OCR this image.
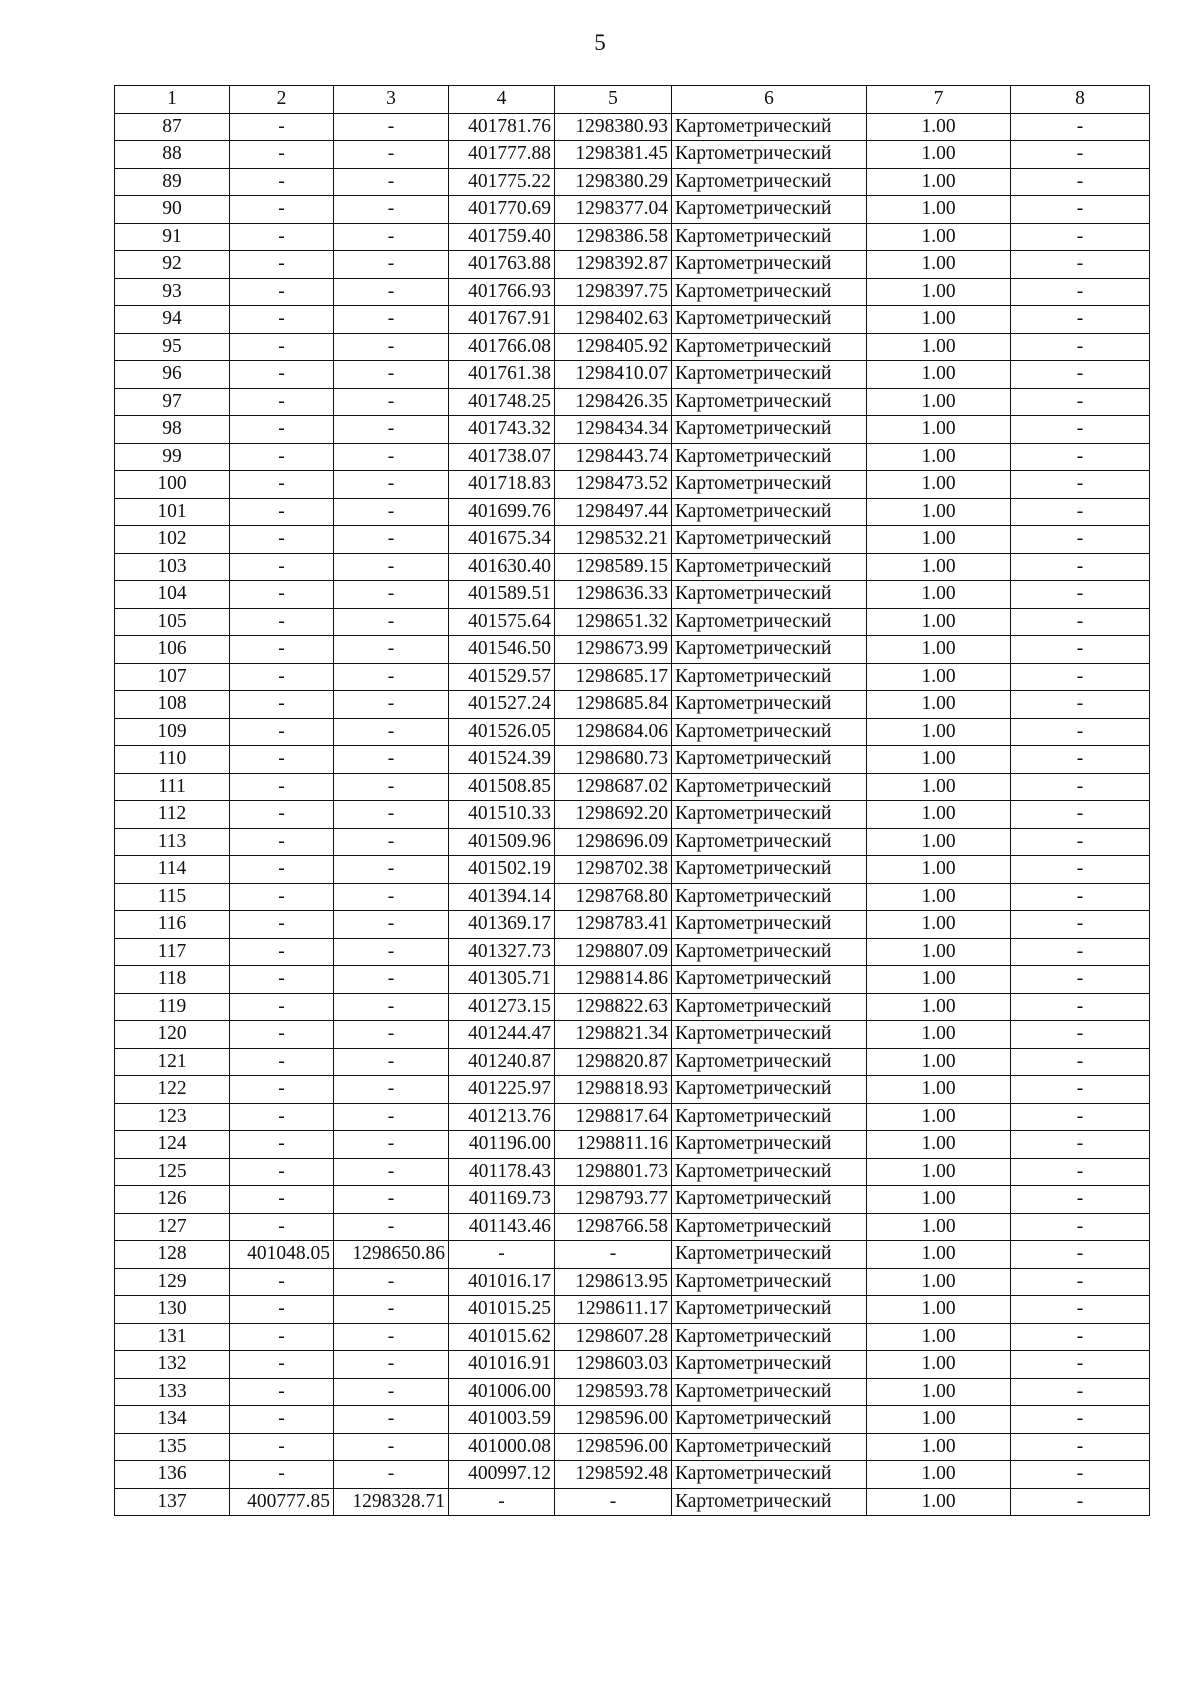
5
1	2	3	4	5	6	7	8
87	-	-	401781.76	1298380.93	Картометрический	1.00	-
88	-	-	401777.88	1298381.45	Картометрический	1.00	-
89	-	-	401775.22	1298380.29	Картометрический	1.00	-
90	-	-	401770.69	1298377.04	Картометрический	1.00	-
91	-	-	401759.40	1298386.58	Картометрический	1.00	-
92	-	-	401763.88	1298392.87	Картометрический	1.00	-
93	-	-	401766.93	1298397.75	Картометрический	1.00	-
94	-	-	401767.91	1298402.63	Картометрический	1.00	-
95	-	-	401766.08	1298405.92	Картометрический	1.00	-
96	-	-	401761.38	1298410.07	Картометрический	1.00	-
97	-	-	401748.25	1298426.35	Картометрический	1.00	-
98	-	-	401743.32	1298434.34	Картометрический	1.00	-
99	-	-	401738.07	1298443.74	Картометрический	1.00	-
100	-	-	401718.83	1298473.52	Картометрический	1.00	-
101	-	-	401699.76	1298497.44	Картометрический	1.00	-
102	-	-	401675.34	1298532.21	Картометрический	1.00	-
103	-	-	401630.40	1298589.15	Картометрический	1.00	-
104	-	-	401589.51	1298636.33	Картометрический	1.00	-
105	-	-	401575.64	1298651.32	Картометрический	1.00	-
106	-	-	401546.50	1298673.99	Картометрический	1.00	-
107	-	-	401529.57	1298685.17	Картометрический	1.00	-
108	-	-	401527.24	1298685.84	Картометрический	1.00	-
109	-	-	401526.05	1298684.06	Картометрический	1.00	-
110	-	-	401524.39	1298680.73	Картометрический	1.00	-
111	-	-	401508.85	1298687.02	Картометрический	1.00	-
112	-	-	401510.33	1298692.20	Картометрический	1.00	-
113	-	-	401509.96	1298696.09	Картометрический	1.00	-
114	-	-	401502.19	1298702.38	Картометрический	1.00	-
115	-	-	401394.14	1298768.80	Картометрический	1.00	-
116	-	-	401369.17	1298783.41	Картометрический	1.00	-
117	-	-	401327.73	1298807.09	Картометрический	1.00	-
118	-	-	401305.71	1298814.86	Картометрический	1.00	-
119	-	-	401273.15	1298822.63	Картометрический	1.00	-
120	-	-	401244.47	1298821.34	Картометрический	1.00	-
121	-	-	401240.87	1298820.87	Картометрический	1.00	-
122	-	-	401225.97	1298818.93	Картометрический	1.00	-
123	-	-	401213.76	1298817.64	Картометрический	1.00	-
124	-	-	401196.00	1298811.16	Картометрический	1.00	-
125	-	-	401178.43	1298801.73	Картометрический	1.00	-
126	-	-	401169.73	1298793.77	Картометрический	1.00	-
127	-	-	401143.46	1298766.58	Картометрический	1.00	-
128	401048.05	1298650.86	-	-	Картометрический	1.00	-
129	-	-	401016.17	1298613.95	Картометрический	1.00	-
130	-	-	401015.25	1298611.17	Картометрический	1.00	-
131	-	-	401015.62	1298607.28	Картометрический	1.00	-
132	-	-	401016.91	1298603.03	Картометрический	1.00	-
133	-	-	401006.00	1298593.78	Картометрический	1.00	-
134	-	-	401003.59	1298596.00	Картометрический	1.00	-
135	-	-	401000.08	1298596.00	Картометрический	1.00	-
136	-	-	400997.12	1298592.48	Картометрический	1.00	-
137	400777.85	1298328.71	-	-	Картометрический	1.00	-
